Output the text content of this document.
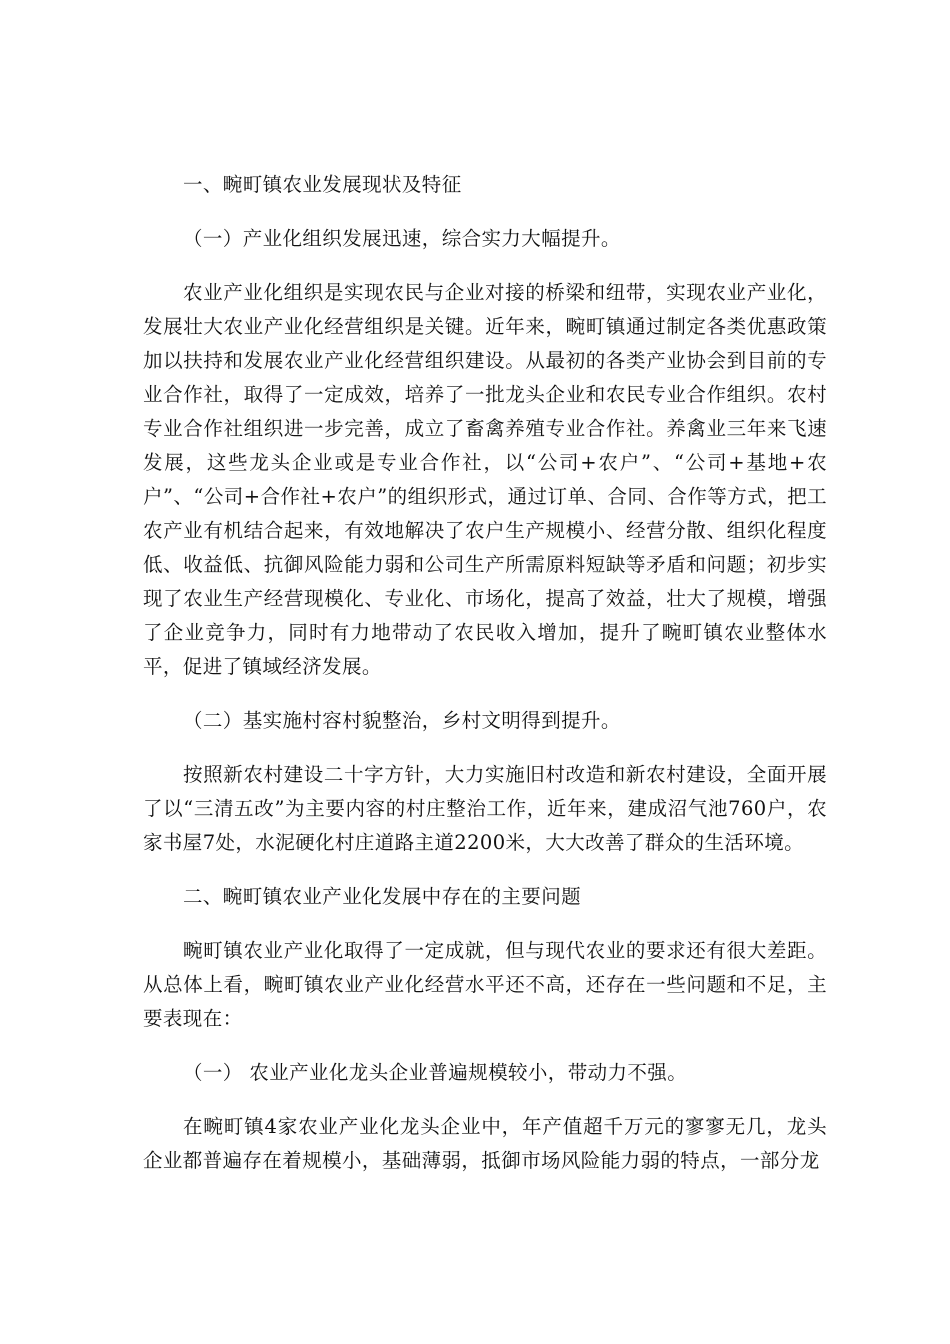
一、畹町镇农业发展现状及特征

（一）产业化组织发展迅速，综合实力大幅提升。

农业产业化组织是实现农民与企业对接的桥梁和纽带，实现农业产业化，发展壮大农业产业化经营组织是关键。近年来，畹町镇通过制定各类优惠政策加以扶持和发展农业产业化经营组织建设。从最初的各类产业协会到目前的专业合作社，取得了一定成效，培养了一批龙头企业和农民专业合作组织。农村专业合作社组织进一步完善，成立了畜禽养殖专业合作社。养禽业三年来飞速发展，这些龙头企业或是专业合作社，以“公司+农户”、“公司+基地+农户”、“公司+合作社+农户”的组织形式，通过订单、合同、合作等方式，把工农产业有机结合起来，有效地解决了农户生产规模小、经营分散、组织化程度低、收益低、抗御风险能力弱和公司生产所需原料短缺等矛盾和问题；初步实现了农业生产经营现模化、专业化、市场化，提高了效益，壮大了规模，增强了企业竞争力，同时有力地带动了农民收入增加，提升了畹町镇农业整体水平，促进了镇域经济发展。

（二）基实施村容村貌整治，乡村文明得到提升。

按照新农村建设二十字方针，大力实施旧村改造和新农村建设，全面开展了以“三清五改”为主要内容的村庄整治工作，近年来，建成沼气池760户，农家书屋7处，水泥硬化村庄道路主道2200米，大大改善了群众的生活环境。

二、畹町镇农业产业化发展中存在的主要问题

畹町镇农业产业化取得了一定成就，但与现代农业的要求还有很大差距。从总体上看，畹町镇农业产业化经营水平还不高，还存在一些问题和不足，主要表现在：

（一） 农业产业化龙头企业普遍规模较小，带动力不强。

在畹町镇4家农业产业化龙头企业中，年产值超千万元的寥寥无几，龙头企业都普遍存在着规模小，基础薄弱，抵御市场风险能力弱的特点，一部分龙
